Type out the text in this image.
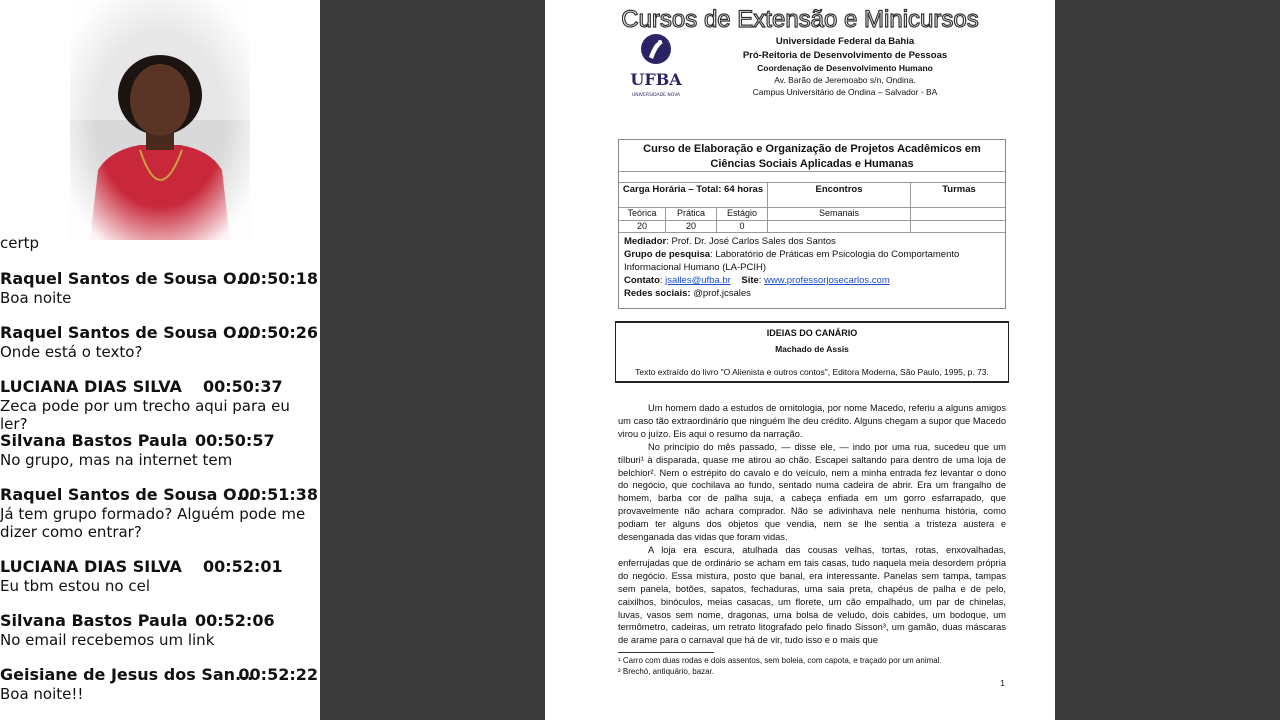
certp
Raquel Santos de Sousa O...
00:50:18
Boa noite
Raquel Santos de Sousa O...
00:50:26
Onde está o texto?
LUCIANA DIAS SILVA 00:50:37
Zeca pode por um trecho aqui para eu ler?
Silvana Bastos Paula 00:50:57
No grupo, mas na internet tem
Raquel Santos de Sousa O...
00:51:38
Já tem grupo formado? Alguém pode me dizer como entrar?
LUCIANA DIAS SILVA 00:52:01
Eu tbm estou no cel
Silvana Bastos Paula 00:52:06
No email recebemos um link
Geisiane de Jesus dos San...
00:52:22
Boa noite!!
Cursos de Extensão e Minicursos
UFBA
UNIVERSIDADE NOVA
Universidade Federal da Bahia
Pró-Reitoria de Desenvolvimento de Pessoas
Coordenação de Desenvolvimento Humano
Av. Barão de Jeremoabo s/n, Ondina.
Campus Universitário de Ondina – Salvador - BA
Curso de Elaboração e Organização de Projetos Acadêmicos em
Ciências Sociais Aplicadas e Humanas
Carga Horária – Total: 64 horas	Encontros	Turmas
Teórica	Prática	Estágio	Semanais
20	20	0
Mediador: Prof. Dr. José Carlos Sales dos Santos
Grupo de pesquisa: Laboratório de Práticas em Psicologia do Comportamento
Informacional Humano (LA-PCIH)
Contato: jsalles@ufba.br Site: www.professorjosecarlos.com
Redes sociais: @prof.jcsales
IDEIAS DO CANÁRIO
Machado de Assis
Texto extraído do livro "O Alienista e outros contos", Editora Moderna, São Paulo, 1995, p. 73.

Um homem dado a estudos de ornitologia, por nome Macedo, referiu a alguns amigos um caso tão extraordinário que ninguém lhe deu crédito. Alguns chegam a supor que Macedo virou o juízo. Eis aqui o resumo da narração.

No princípio do mês passado, — disse ele, — indo por uma rua, sucedeu que um tílburi¹ à disparada, quase me atirou ao chão. Escapei saltando para dentro de uma loja de belchior². Nem o estrépito do cavalo e do veículo, nem a minha entrada fez levantar o dono do negócio, que cochilava ao fundo, sentado numa cadeira de abrir. Era um frangalho de homem, barba cor de palha suja, a cabeça enfiada em um gorro esfarrapado, que provavelmente não achara comprador. Não se adivinhava nele nenhuma história, como podiam ter alguns dos objetos que vendia, nem se lhe sentia a tristeza austera e desenganada das vidas que foram vidas.

A loja era escura, atulhada das cousas velhas, tortas, rotas, enxovalhadas, enferrujadas que de ordinário se acham em tais casas, tudo naquela meia desordem própria do negócio. Essa mistura, posto que banal, era interessante. Panelas sem tampa, tampas sem panela, botões, sapatos, fechaduras, uma saia preta, chapéus de palha e de pelo, caixilhos, binóculos, meias casacas, um florete, um cão empalhado, um par de chinelas, luvas, vasos sem nome, dragonas, uma bolsa de veludo, dois cabides, um bodoque, um termômetro, cadeiras, um retrato litografado pelo finado Sisson³, um gamão, duas máscaras de arame para o carnaval que há de vir, tudo isso e o mais que

¹ Carro com duas rodas e dois assentos, sem boleia, com capota, e traçado por um animal.
² Brechó, antiquário, bazar.
1
